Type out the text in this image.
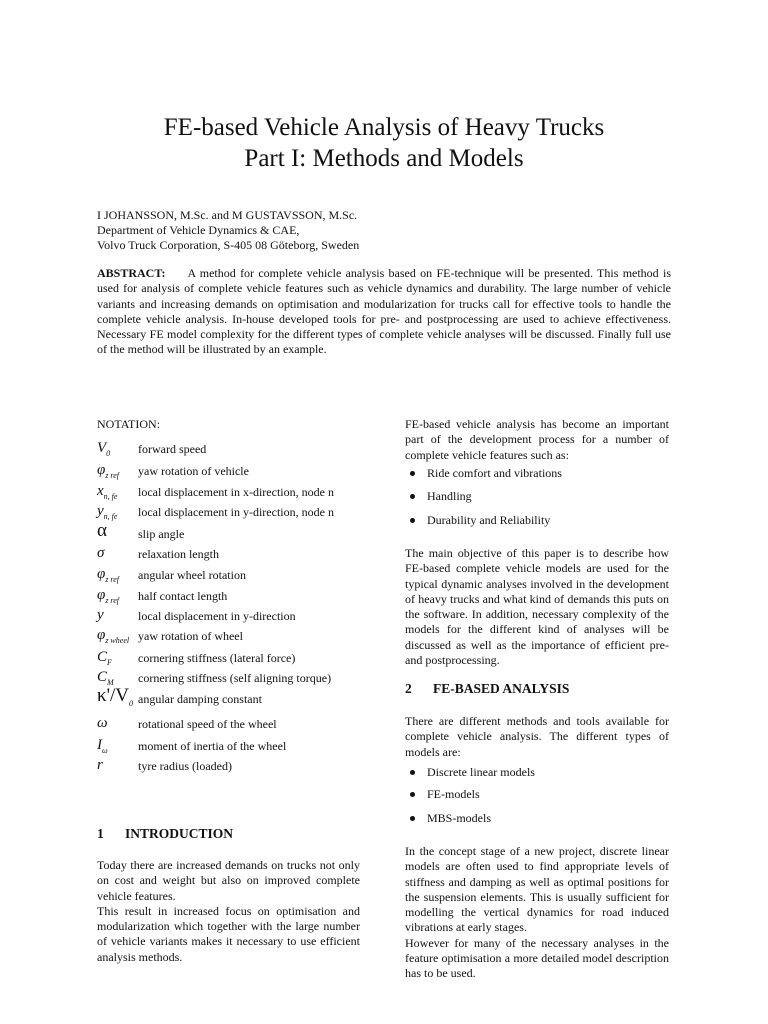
FE-based Vehicle Analysis of Heavy Trucks
Part I: Methods and Models
I JOHANSSON, M.Sc. and M GUSTAVSSON, M.Sc.
Department of Vehicle Dynamics & CAE,
Volvo Truck Corporation, S-405 08 Göteborg, Sweden
ABSTRACT: A method for complete vehicle analysis based on FE-technique will be presented. This method is used for analysis of complete vehicle features such as vehicle dynamics and durability. The large number of vehicle variants and increasing demands on optimisation and modularization for trucks call for effective tools to handle the complete vehicle analysis. In-house developed tools for pre- and postprocessing are used to achieve effectiveness. Necessary FE model complexity for the different types of complete vehicle analyses will be discussed. Finally full use of the method will be illustrated by an example.
NOTATION:
$V_0$ forward speed
$\varphi_{z ref}$ yaw rotation of vehicle
$x_{n, fe}$ local displacement in x-direction, node n
$y_{n, fe}$ local displacement in y-direction, node n
α	slip angle
σ	relaxation length
$\varphi_{z ref}$ angular wheel rotation
$\varphi_{z ref}$ half contact length
y	local displacement in y-direction
$\varphi_{z wheel}$ yaw rotation of wheel
$C_F$ cornering stiffness (lateral force)
$C_M$ cornering stiffness (self aligning torque)
$\kappa'/V_0$ angular damping constant
ω	rotational speed of the wheel
$I_\omega$	moment of inertia of the wheel
r	tyre radius (loaded)
1 INTRODUCTION
Today there are increased demands on trucks not only on cost and weight but also on improved complete vehicle features.
This result in increased focus on optimisation and modularization which together with the large number of vehicle variants makes it necessary to use efficient analysis methods.
FE-based vehicle analysis has become an important part of the development process for a number of complete vehicle features such as:
Ride comfort and vibrations
Handling
Durability and Reliability
The main objective of this paper is to describe how FE-based complete vehicle models are used for the typical dynamic analyses involved in the development of heavy trucks and what kind of demands this puts on the software. In addition, necessary complexity of the models for the different kind of analyses will be discussed as well as the importance of efficient pre- and postprocessing.
2 FE-BASED ANALYSIS
There are different methods and tools available for complete vehicle analysis. The different types of models are:
Discrete linear models
FE-models
MBS-models
In the concept stage of a new project, discrete linear models are often used to find appropriate levels of stiffness and damping as well as optimal positions for the suspension elements. This is usually sufficient for modelling the vertical dynamics for road induced vibrations at early stages.
However for many of the necessary analyses in the feature optimisation a more detailed model description has to be used.
